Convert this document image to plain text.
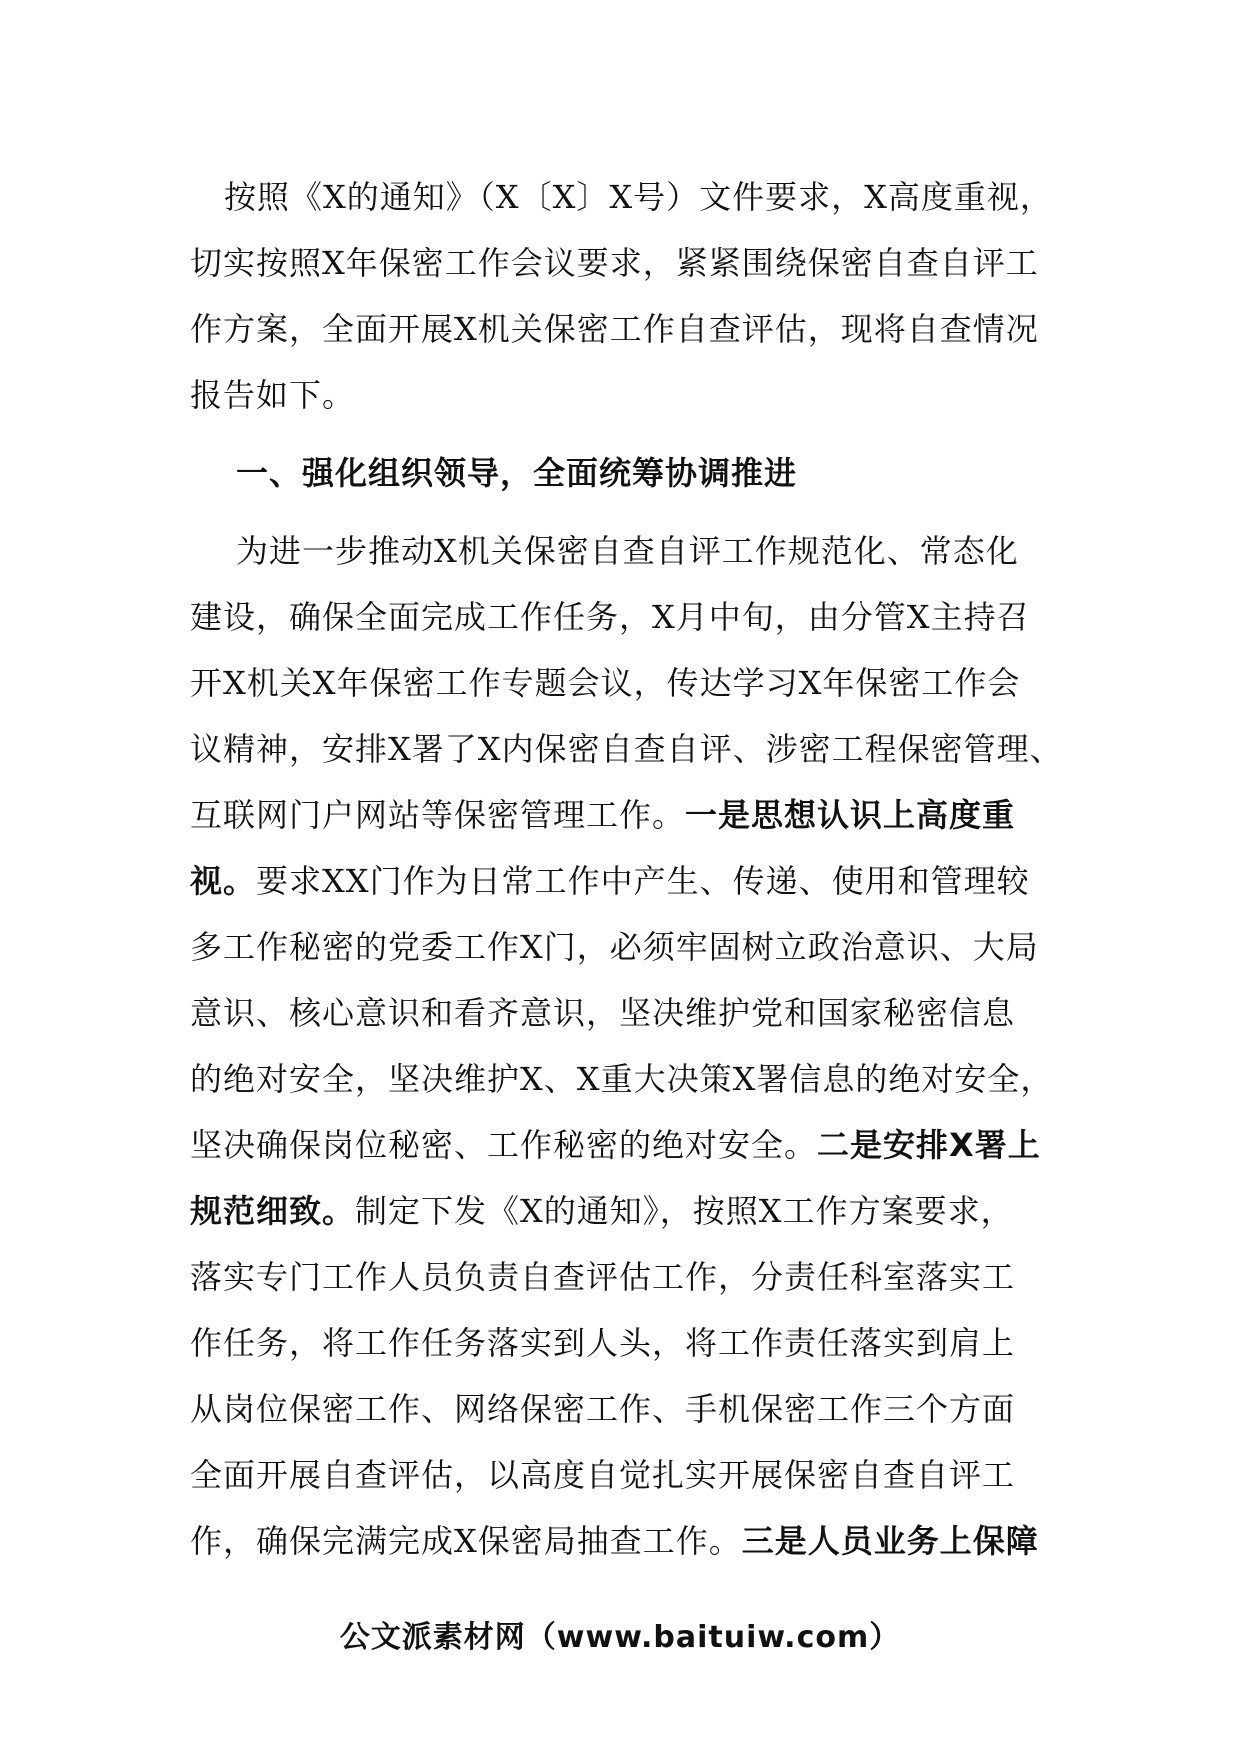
按照《X的通知》（X〔X〕X号）文件要求，X高度重视，
切实按照X年保密工作会议要求，紧紧围绕保密自查自评工
作方案，全面开展X机关保密工作自查评估，现将自查情况
报告如下。
一、强化组织领导，全面统筹协调推进
为进一步推动X机关保密自查自评工作规范化、常态化
建设，确保全面完成工作任务，X月中旬，由分管X主持召
开X机关X年保密工作专题会议，传达学习X年保密工作会
议精神，安排X署了X内保密自查自评、涉密工程保密管理、
互联网门户网站等保密管理工作。一是思想认识上高度重
视。要求XX门作为日常工作中产生、传递、使用和管理较
多工作秘密的党委工作X门，必须牢固树立政治意识、大局
意识、核心意识和看齐意识，坚决维护党和国家秘密信息
的绝对安全，坚决维护X、X重大决策X署信息的绝对安全，
坚决确保岗位秘密、工作秘密的绝对安全。二是安排X署上
规范细致。制定下发《X的通知》，按照X工作方案要求，
落实专门工作人员负责自查评估工作，分责任科室落实工
作任务，将工作任务落实到人头，将工作责任落实到肩上
从岗位保密工作、网络保密工作、手机保密工作三个方面
全面开展自查评估，以高度自觉扎实开展保密自查自评工
作，确保完满完成X保密局抽查工作。三是人员业务上保障
公文派素材网（www.baituiw.com）
